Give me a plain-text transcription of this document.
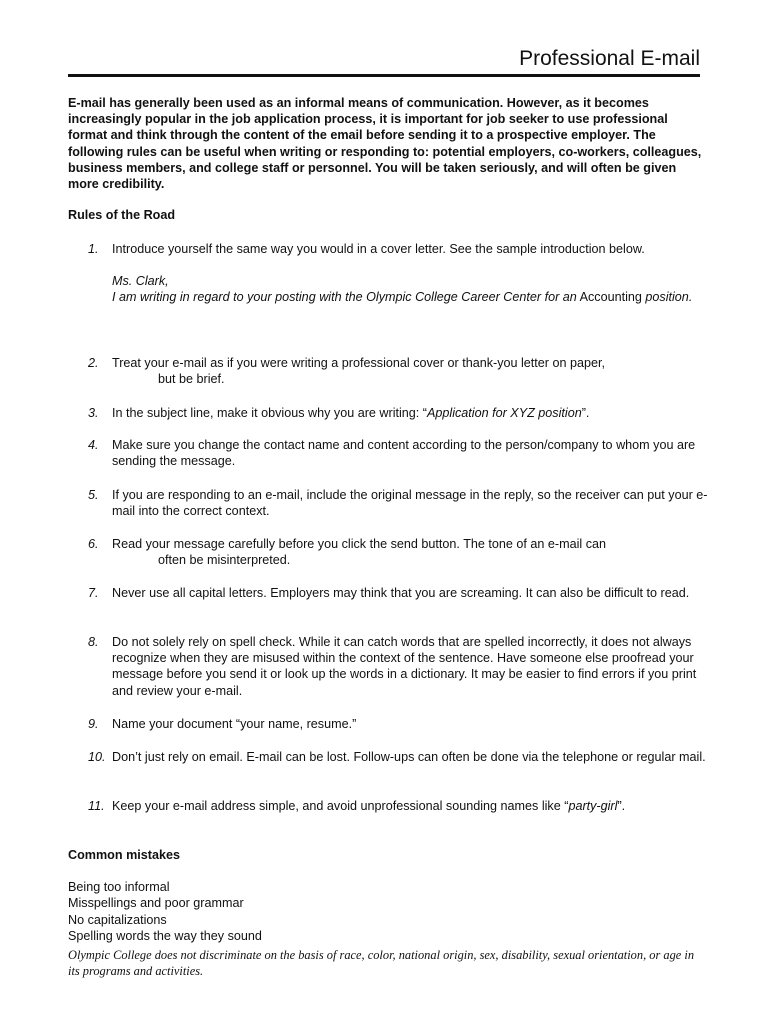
Professional E-mail

E-mail has generally been used as an informal means of communication. However, as it becomes increasingly popular in the job application process, it is important for job seeker to use professional format and think through the content of the email before sending it to a prospective employer. The following rules can be useful when writing or responding to: potential employers, co-workers, colleagues, business members, and college staff or personnel. You will be taken seriously, and will often be given more credibility.

Rules of the Road

1.	Introduce yourself the same way you would in a cover letter. See the sample introduction below.
Ms. Clark,
I am writing in regard to your posting with the Olympic College Career Center for an Accounting position.
2.	Treat your e-mail as if you were writing a professional cover or thank-you letter on paper,
but be brief.
3.	In the subject line, make it obvious why you are writing: “Application for XYZ position”.
4.	Make sure you change the contact name and content according to the person/company to whom you are sending the message.
5.	If you are responding to an e-mail, include the original message in the reply, so the receiver can put your e-mail into the correct context.
6.	Read your message carefully before you click the send button. The tone of an e-mail can
often be misinterpreted.
7.	Never use all capital letters. Employers may think that you are screaming. It can also be difficult to read.
8.	Do not solely rely on spell check. While it can catch words that are spelled incorrectly, it does not always recognize when they are misused within the context of the sentence. Have someone else proofread your message before you send it or look up the words in a dictionary. It may be easier to find errors if you print and review your e-mail.
9.	Name your document “your name, resume.”
10. Don’t just rely on email. E-mail can be lost. Follow-ups can often be done via the telephone or regular mail.
11. Keep your e-mail address simple, and avoid unprofessional sounding names like “party-girl”.

Common mistakes

Being too informal
Misspellings and poor grammar
No capitalizations
Spelling words the way they sound

Olympic College does not discriminate on the basis of race, color, national origin, sex, disability, sexual orientation, or age in its programs and activities.
